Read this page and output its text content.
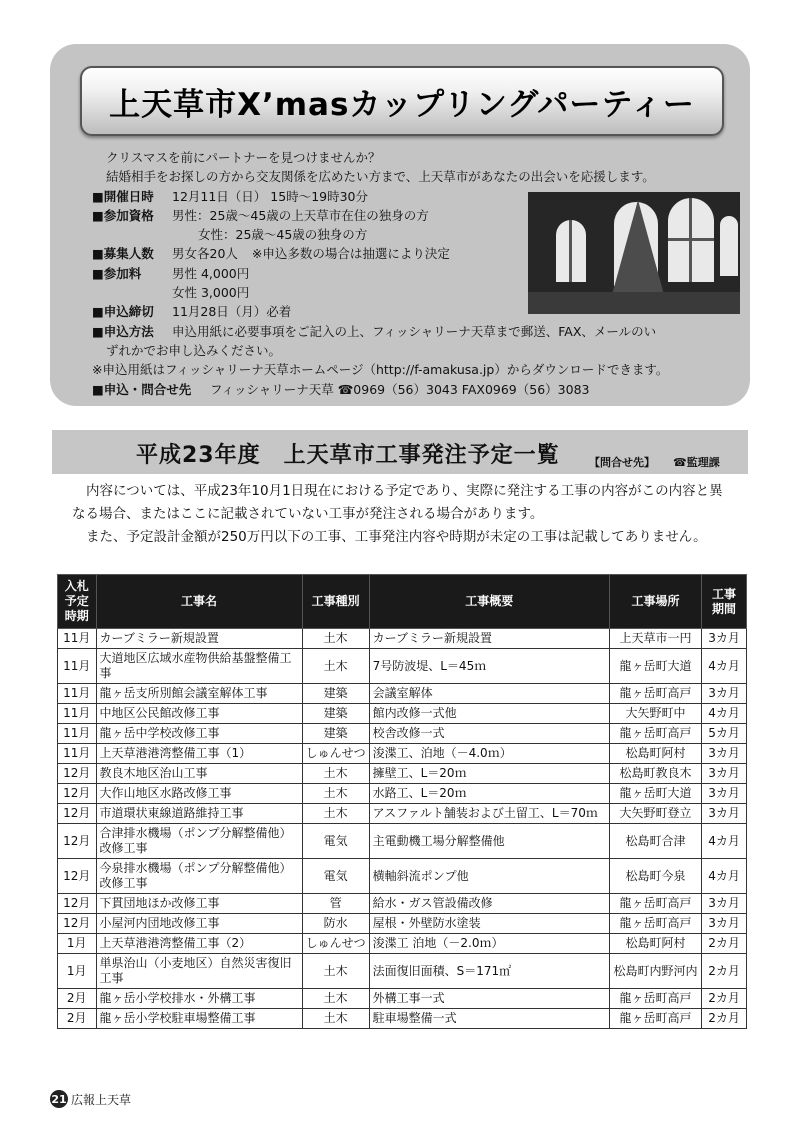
上天草市X’masカップリングパーティー
クリスマスを前にパートナーを見つけませんか？
結婚相手をお探しの方から交友関係を広めたい方まで、上天草市があなたの出会いを応援します。
■開催日時 12月11日（日） 15時～19時30分
■参加資格 男性：25歳～45歳の上天草市在住の独身の方
女性：25歳～45歳の独身の方
■募集人数 男女各20人 ※申込多数の場合は抽選により決定
■参加料 男性 4,000円
女性 3,000円
■申込締切 11月28日（月）必着
■申込方法 申込用紙に必要事項をご記入の上、フィッシャリーナ天草まで郵送、FAX、メールのい
ずれかでお申し込みください。
※申込用紙はフィッシャリーナ天草ホームページ（http://f-amakusa.jp）からダウンロードできます。
■申込・問合せ先 フィッシャリーナ天草 ☎0969（56）3043 FAX0969（56）3083
平成23年度　上天草市工事発注予定一覧	【問合せ先】 ☎監理課

内容については、平成23年10月1日現在における予定であり、実際に発注する工事の内容がこの内容と異なる場合、またはここに記載されていない工事が発注される場合があります。

また、予定設計金額が250万円以下の工事、工事発注内容や時期が未定の工事は記載してありません。

入札予定時期	工事名	工事種別	工事概要	工事場所	工事期間

11月	カーブミラー新規設置	土木	カーブミラー新規設置	上天草市一円	3カ月
11月	大道地区広域水産物供給基盤整備工事	土木	7号防波堤、L＝45ｍ	龍ヶ岳町大道	4カ月
11月	龍ヶ岳支所別館会議室解体工事	建築	会議室解体	龍ヶ岳町高戸	3カ月
11月	中地区公民館改修工事	建築	館内改修一式他	大矢野町中	4カ月
11月	龍ヶ岳中学校改修工事	建築	校舎改修一式	龍ヶ岳町高戸	5カ月
11月	上天草港港湾整備工事（1）	しゅんせつ	浚渫工、泊地（－4.0ｍ）	松島町阿村	3カ月
12月	教良木地区治山工事	土木	擁壁工、L＝20ｍ	松島町教良木	3カ月
12月	大作山地区水路改修工事	土木	水路工、L＝20ｍ	龍ヶ岳町大道	3カ月
12月	市道環状東線道路維持工事	土木	アスファルト舗装および土留工、L＝70ｍ	大矢野町登立	3カ月
12月	合津排水機場（ポンプ分解整備他）改修工事	電気	主電動機工場分解整備他	松島町合津	4カ月
12月	今泉排水機場（ポンプ分解整備他）改修工事	電気	横軸斜流ポンプ他	松島町今泉	4カ月
12月	下貫団地ほか改修工事	管	給水・ガス管設備改修	龍ヶ岳町高戸	3カ月
12月	小屋河内団地改修工事	防水	屋根・外壁防水塗装	龍ヶ岳町高戸	3カ月
1月	上天草港港湾整備工事（2）	しゅんせつ	浚渫工 泊地（－2.0ｍ）	松島町阿村	2カ月
1月	単県治山（小麦地区）自然災害復旧工事	土木	法面復旧面積、S＝171㎡	松島町内野河内	2カ月
2月	龍ヶ岳小学校排水・外構工事	土木	外構工事一式	龍ヶ岳町高戸	2カ月
2月	龍ヶ岳小学校駐車場整備工事	土木	駐車場整備一式	龍ヶ岳町高戸	2カ月
21 広報上天草
